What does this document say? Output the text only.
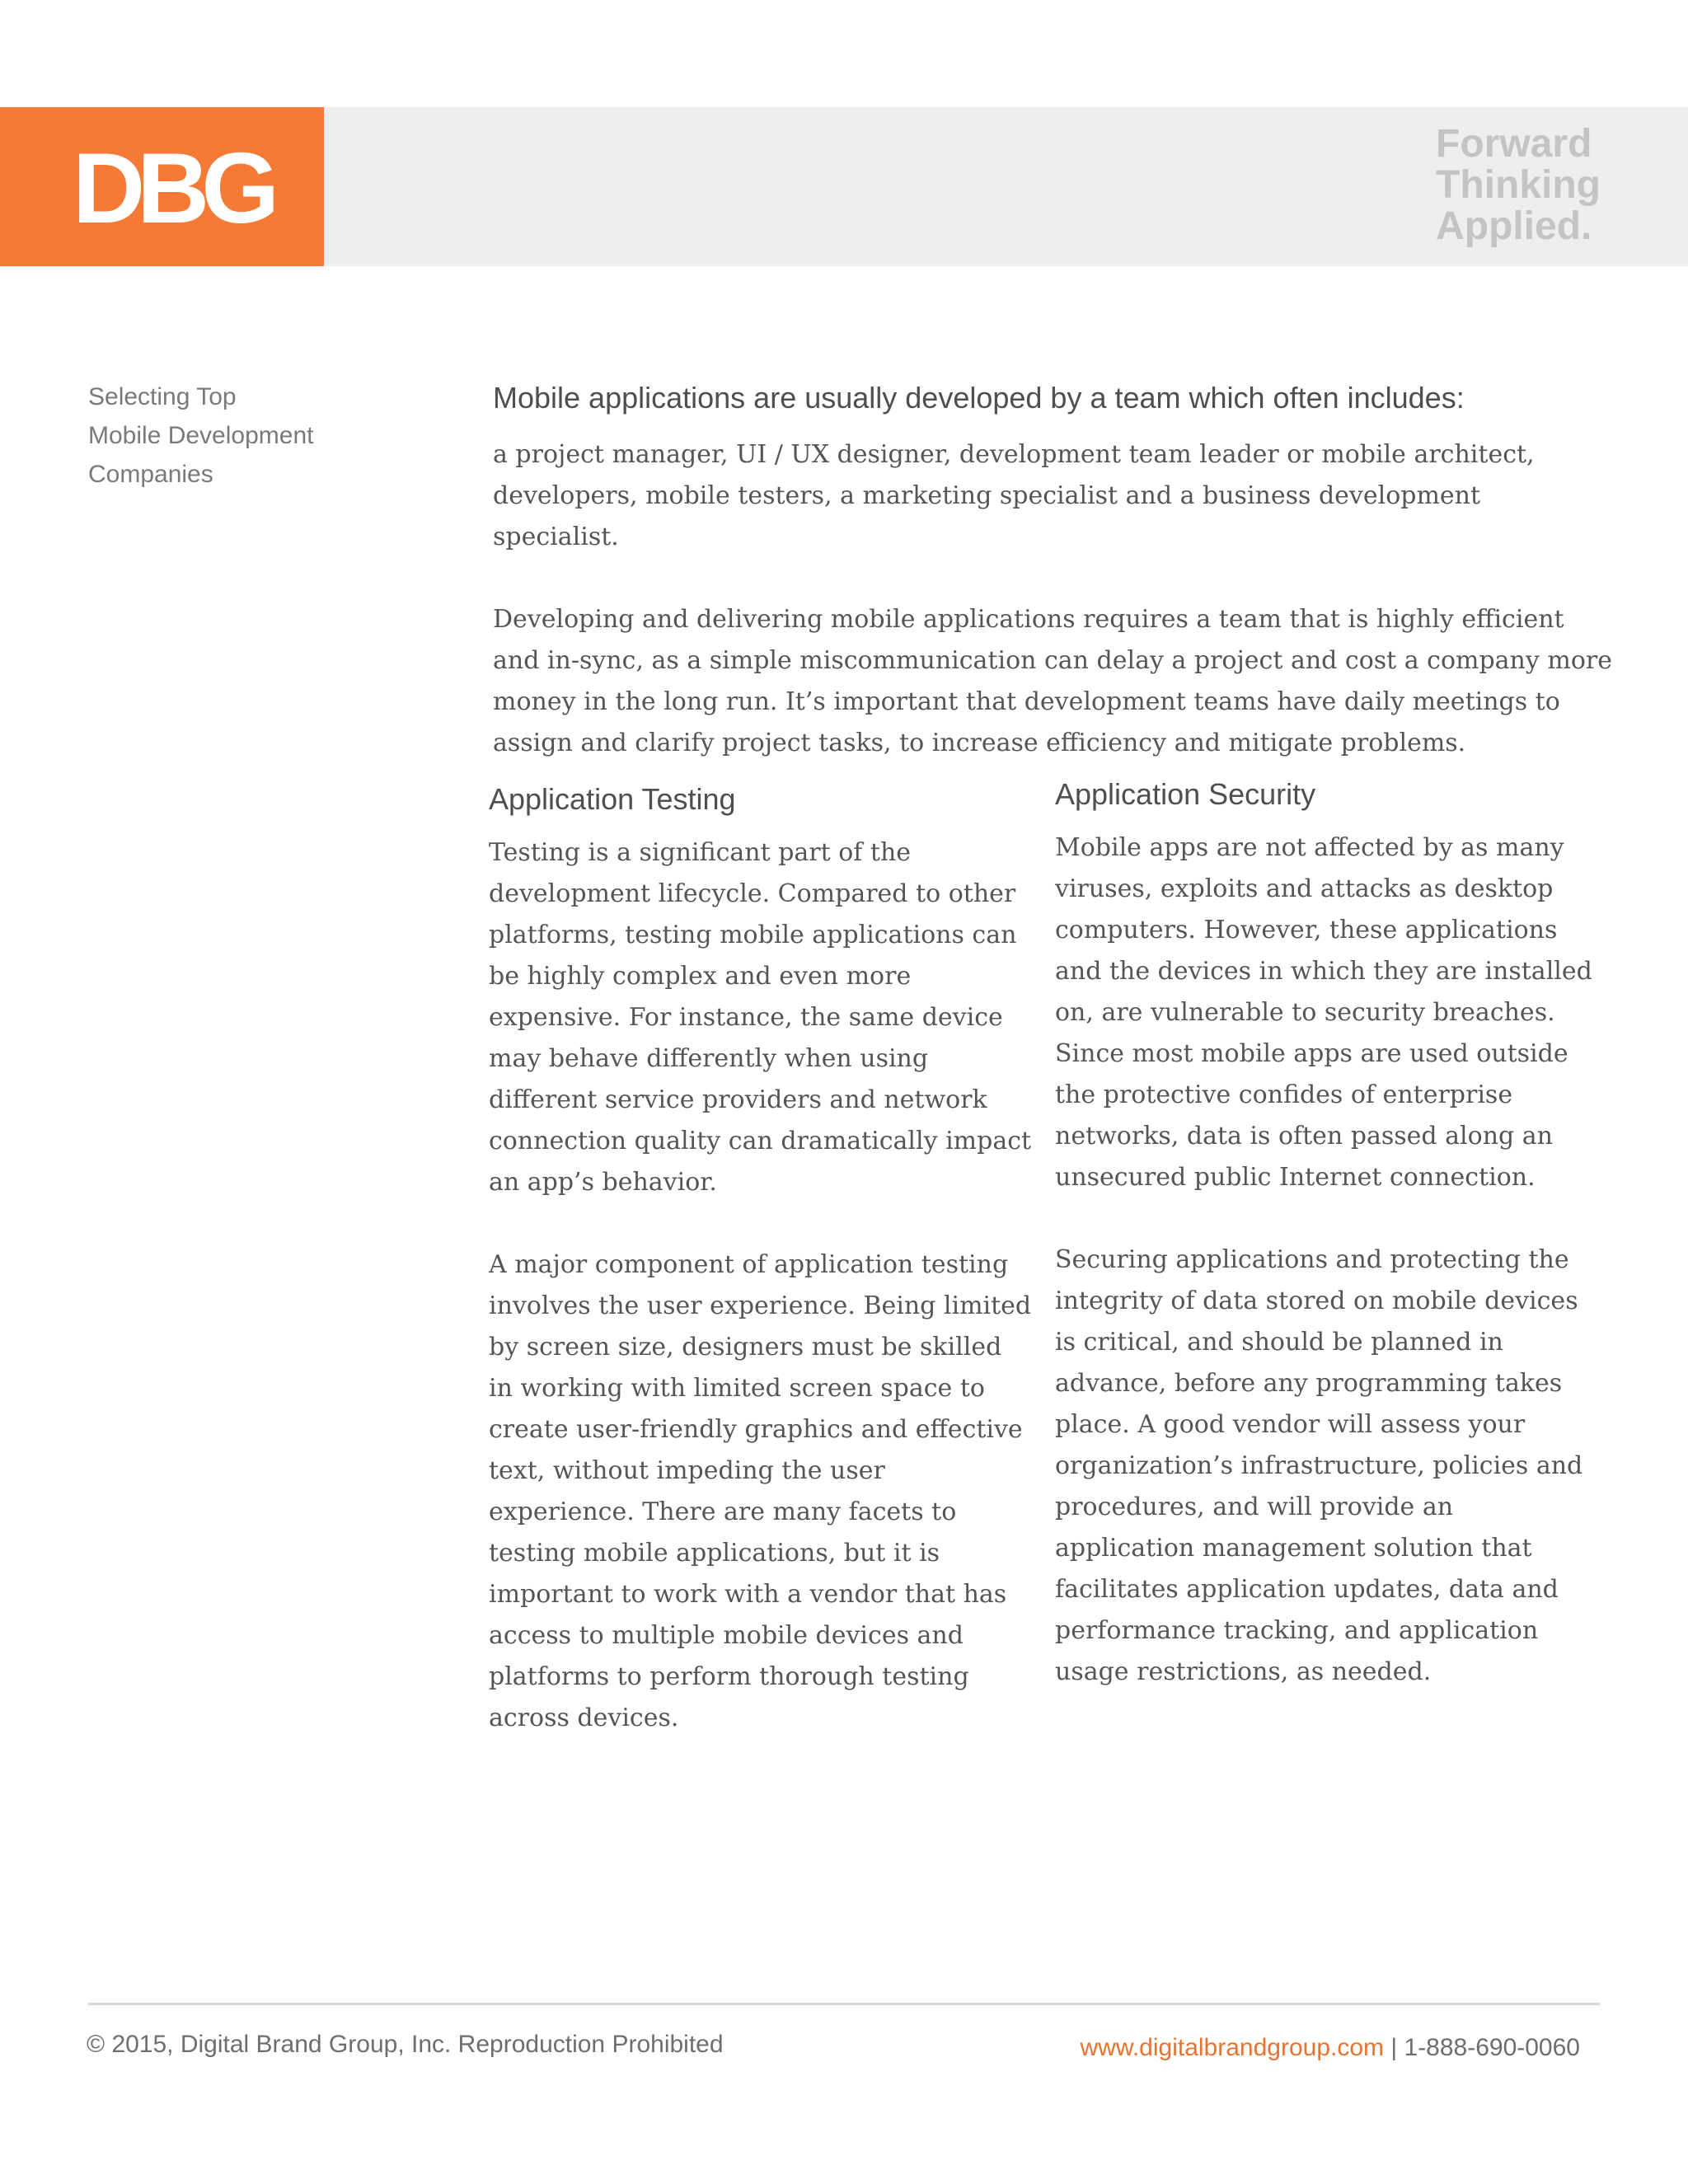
DBG	Forward
Thinking
Applied.
Selecting Top
Mobile Development
Companies
Mobile applications are usually developed by a team which often includes:

a project manager, UI / UX designer, development team leader or mobile architect, developers, mobile testers, a marketing specialist and a business development specialist.

Developing and delivering mobile applications requires a team that is highly efficient and in-sync, as a simple miscommunication can delay a project and cost a company more money in the long run. It’s important that development teams have daily meetings to assign and clarify project tasks, to increase efficiency and mitigate problems.

Application Testing

Testing is a significant part of the development lifecycle. Compared to other platforms, testing mobile applications can be highly complex and even more expensive. For instance, the same device may behave differently when using different service providers and network connection quality can dramatically impact an app’s behavior.

A major component of application testing involves the user experience. Being limited by screen size, designers must be skilled in working with limited screen space to create user-friendly graphics and effective text, without impeding the user experience. There are many facets to testing mobile applications, but it is important to work with a vendor that has access to multiple mobile devices and platforms to perform thorough testing across devices.

Application Security

Mobile apps are not affected by as many viruses, exploits and attacks as desktop computers. However, these applications and the devices in which they are installed on, are vulnerable to security breaches. Since most mobile apps are used outside the protective confides of enterprise networks, data is often passed along an unsecured public Internet connection.

Securing applications and protecting the integrity of data stored on mobile devices is critical, and should be planned in advance, before any programming takes place. A good vendor will assess your organization’s infrastructure, policies and procedures, and will provide an application management solution that facilitates application updates, data and performance tracking, and application usage restrictions, as needed.

© 2015, Digital Brand Group, Inc. Reproduction Prohibited	www.digitalbrandgroup.com | 1-888-690-0060
